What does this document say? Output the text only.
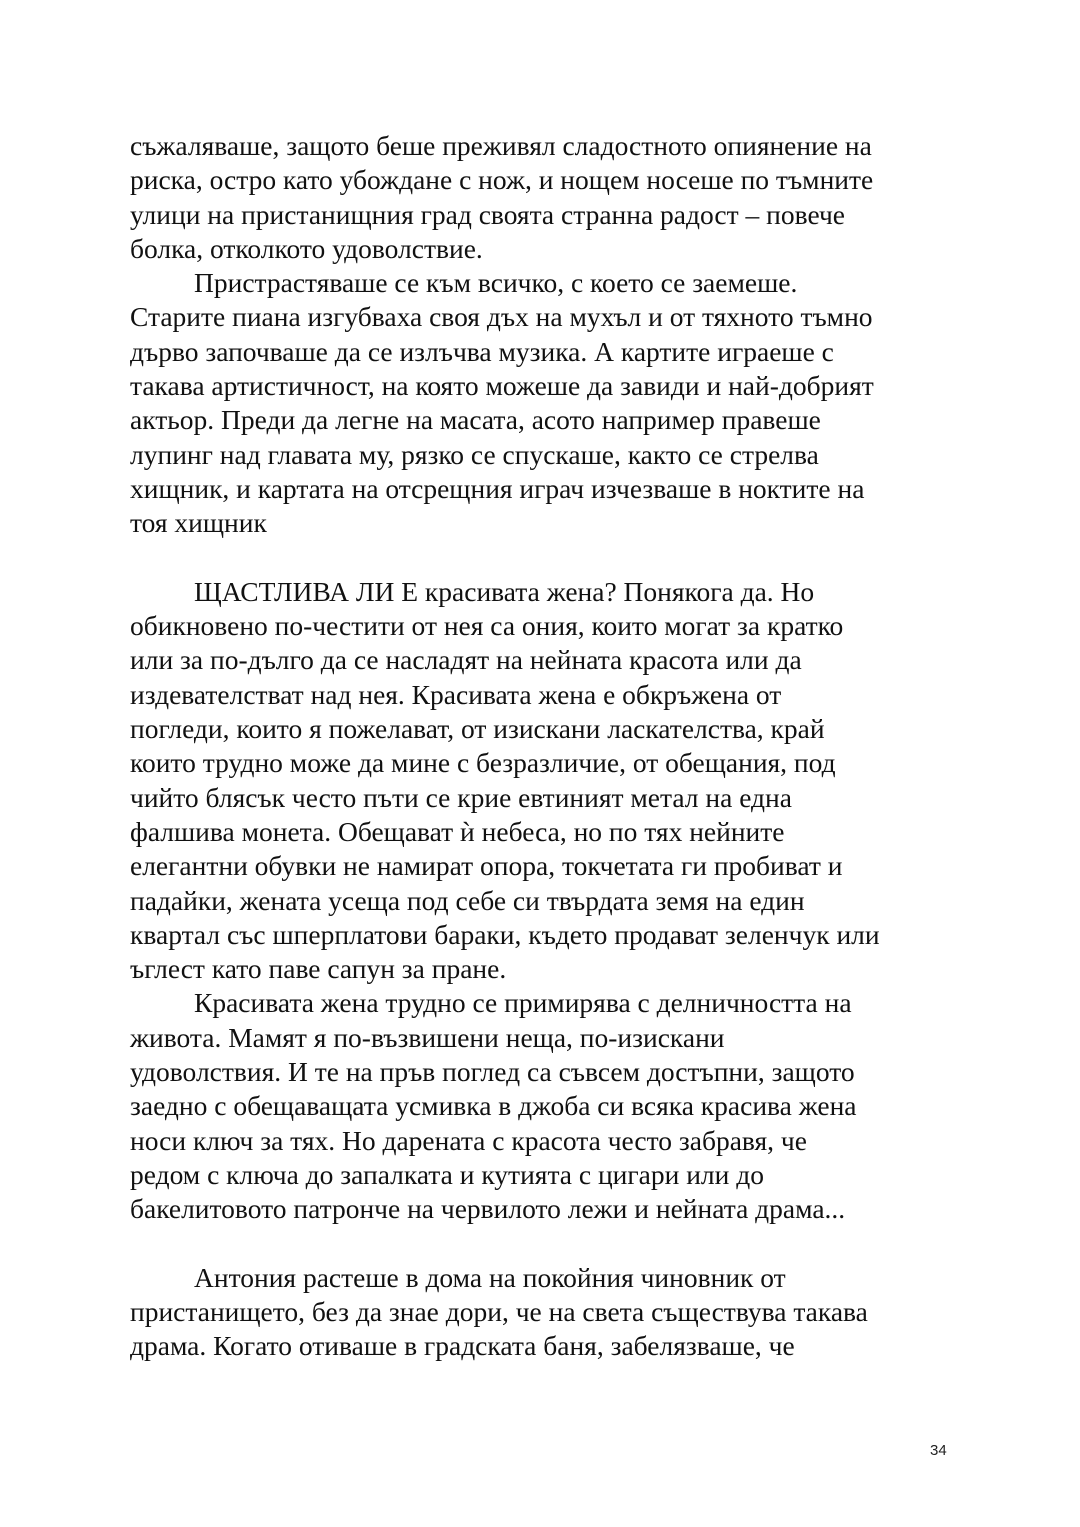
съжаляваше, защото беше преживял сладостното опиянение на
риска, остро като убождане с нож, и нощем носеше по тъмните
улици на пристанищния град своята странна радост – повече
болка, отколкото удоволствие.
Пристрастяваше се към всичко, с което се заемеше.
Старите пиана изгубваха своя дъх на мухъл и от тяхното тъмно
дърво започваше да се излъчва музика. А картите играеше с
такава артистичност, на която можеше да завиди и най-добрият
актьор. Преди да легне на масата, асото например правеше
лупинг над главата му, рязко се спускаше, както се стрелва
хищник, и картата на отсрещния играч изчезваше в ноктите на
тоя хищник
ЩАСТЛИВА ЛИ Е красивата жена? Понякога да. Но
обикновено по-честити от нея са ония, които могат за кратко
или за по-дълго да се насладят на нейната красота или да
издевателстват над нея. Красивата жена е обкръжена от
погледи, които я пожелават, от изискани ласкателства, край
които трудно може да мине с безразличие, от обещания, под
чийто блясък често пъти се крие евтиният метал на една
фалшива монета. Обещават ѝ небеса, но по тях нейните
елегантни обувки не намират опора, токчетата ги пробиват и
падайки, жената усеща под себе си твърдата земя на един
квартал със шперплатови бараки, където продават зеленчук или
ъглест като паве сапун за пране.
Красивата жена трудно се примирява с делничността на
живота. Мамят я по-възвишени неща, по-изискани
удоволствия. И те на пръв поглед са съвсем достъпни, защото
заедно с обещаващата усмивка в джоба си всяка красива жена
носи ключ за тях. Но дарената с красота често забравя, че
редом с ключа до запалката и кутията с цигари или до
бакелитовото патронче на червилото лежи и нейната драма...
Антония растеше в дома на покойния чиновник от
пристанището, без да знае дори, че на света съществува такава
драма. Когато отиваше в градската баня, забелязваше, че
34
